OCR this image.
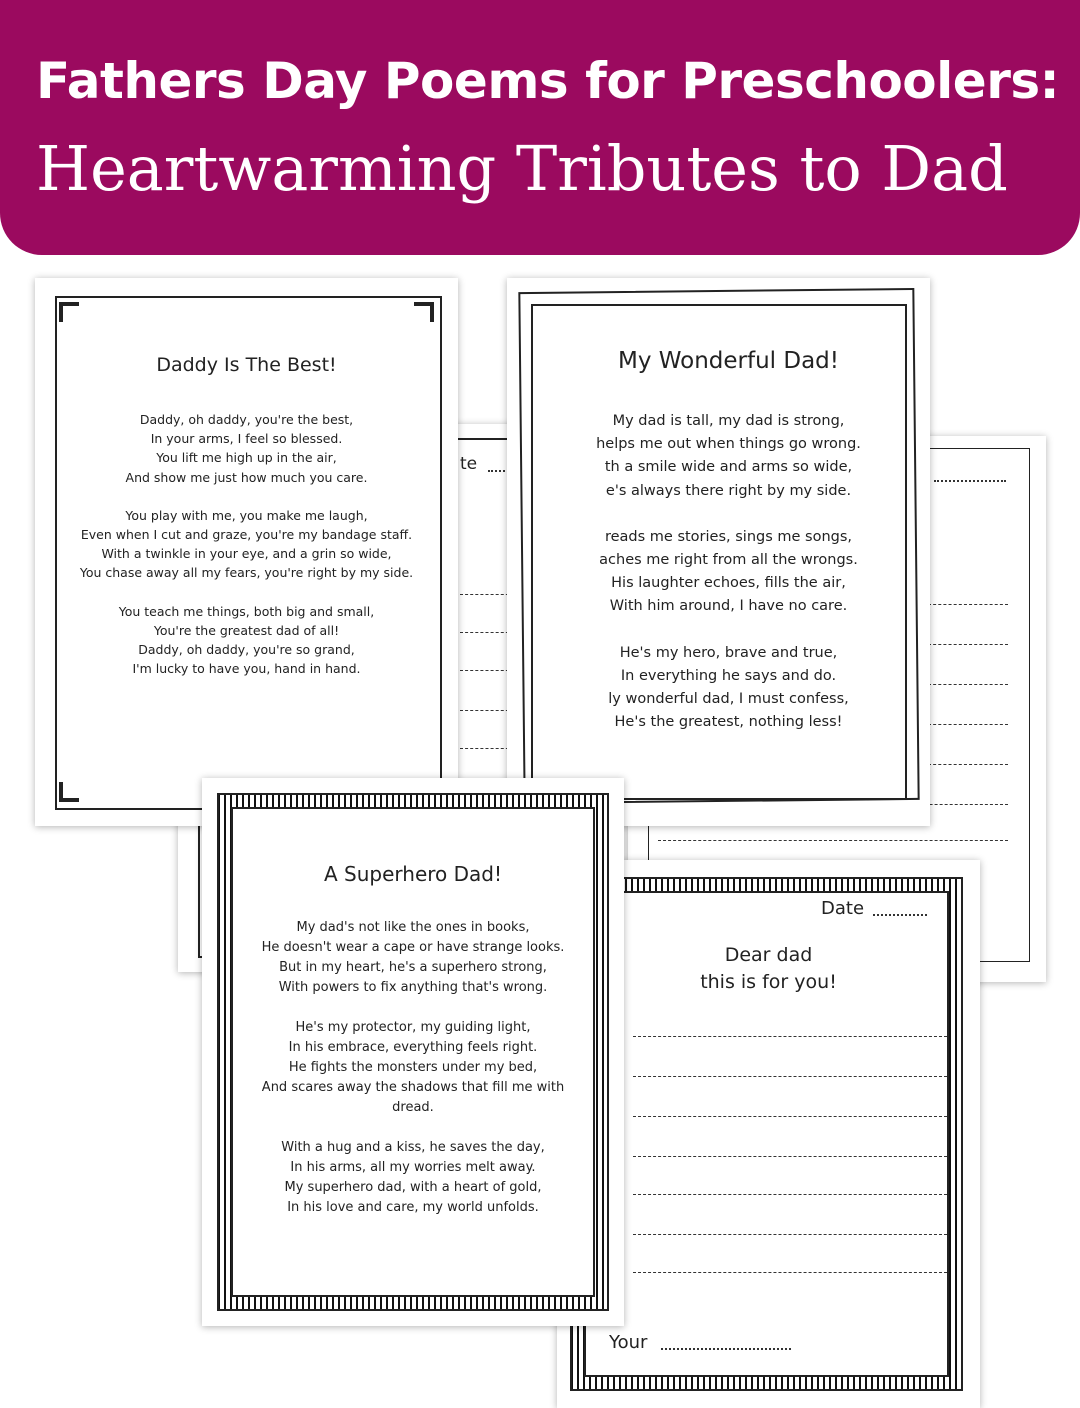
Fathers Day Poems for Preschoolers:
Heartwarming Tributes to Dad
te
Daddy Is The Best!
Daddy, oh daddy, you're the best,
In your arms, I feel so blessed.
You lift me high up in the air,
And show me just how much you care.
You play with me, you make me laugh,
Even when I cut and graze, you're my bandage staff.
With a twinkle in your eye, and a grin so wide,
You chase away all my fears, you're right by my side.
You teach me things, both big and small,
You're the greatest dad of all!
Daddy, oh daddy, you're so grand,
I'm lucky to have you, hand in hand.
My Wonderful Dad!
My dad is tall, my dad is strong,
helps me out when things go wrong.
th a smile wide and arms so wide,
e's always there right by my side.
reads me stories, sings me songs,
aches me right from all the wrongs.
His laughter echoes, fills the air,
With him around, I have no care.
He's my hero, brave and true,
In everything he says and do.
ly wonderful dad, I must confess,
He's the greatest, nothing less!
Date
Dear dad
this is for you!
Your
A Superhero Dad!
My dad's not like the ones in books,
He doesn't wear a cape or have strange looks.
But in my heart, he's a superhero strong,
With powers to fix anything that's wrong.
He's my protector, my guiding light,
In his embrace, everything feels right.
He fights the monsters under my bed,
And scares away the shadows that fill me with
dread.
With a hug and a kiss, he saves the day,
In his arms, all my worries melt away.
My superhero dad, with a heart of gold,
In his love and care, my world unfolds.
